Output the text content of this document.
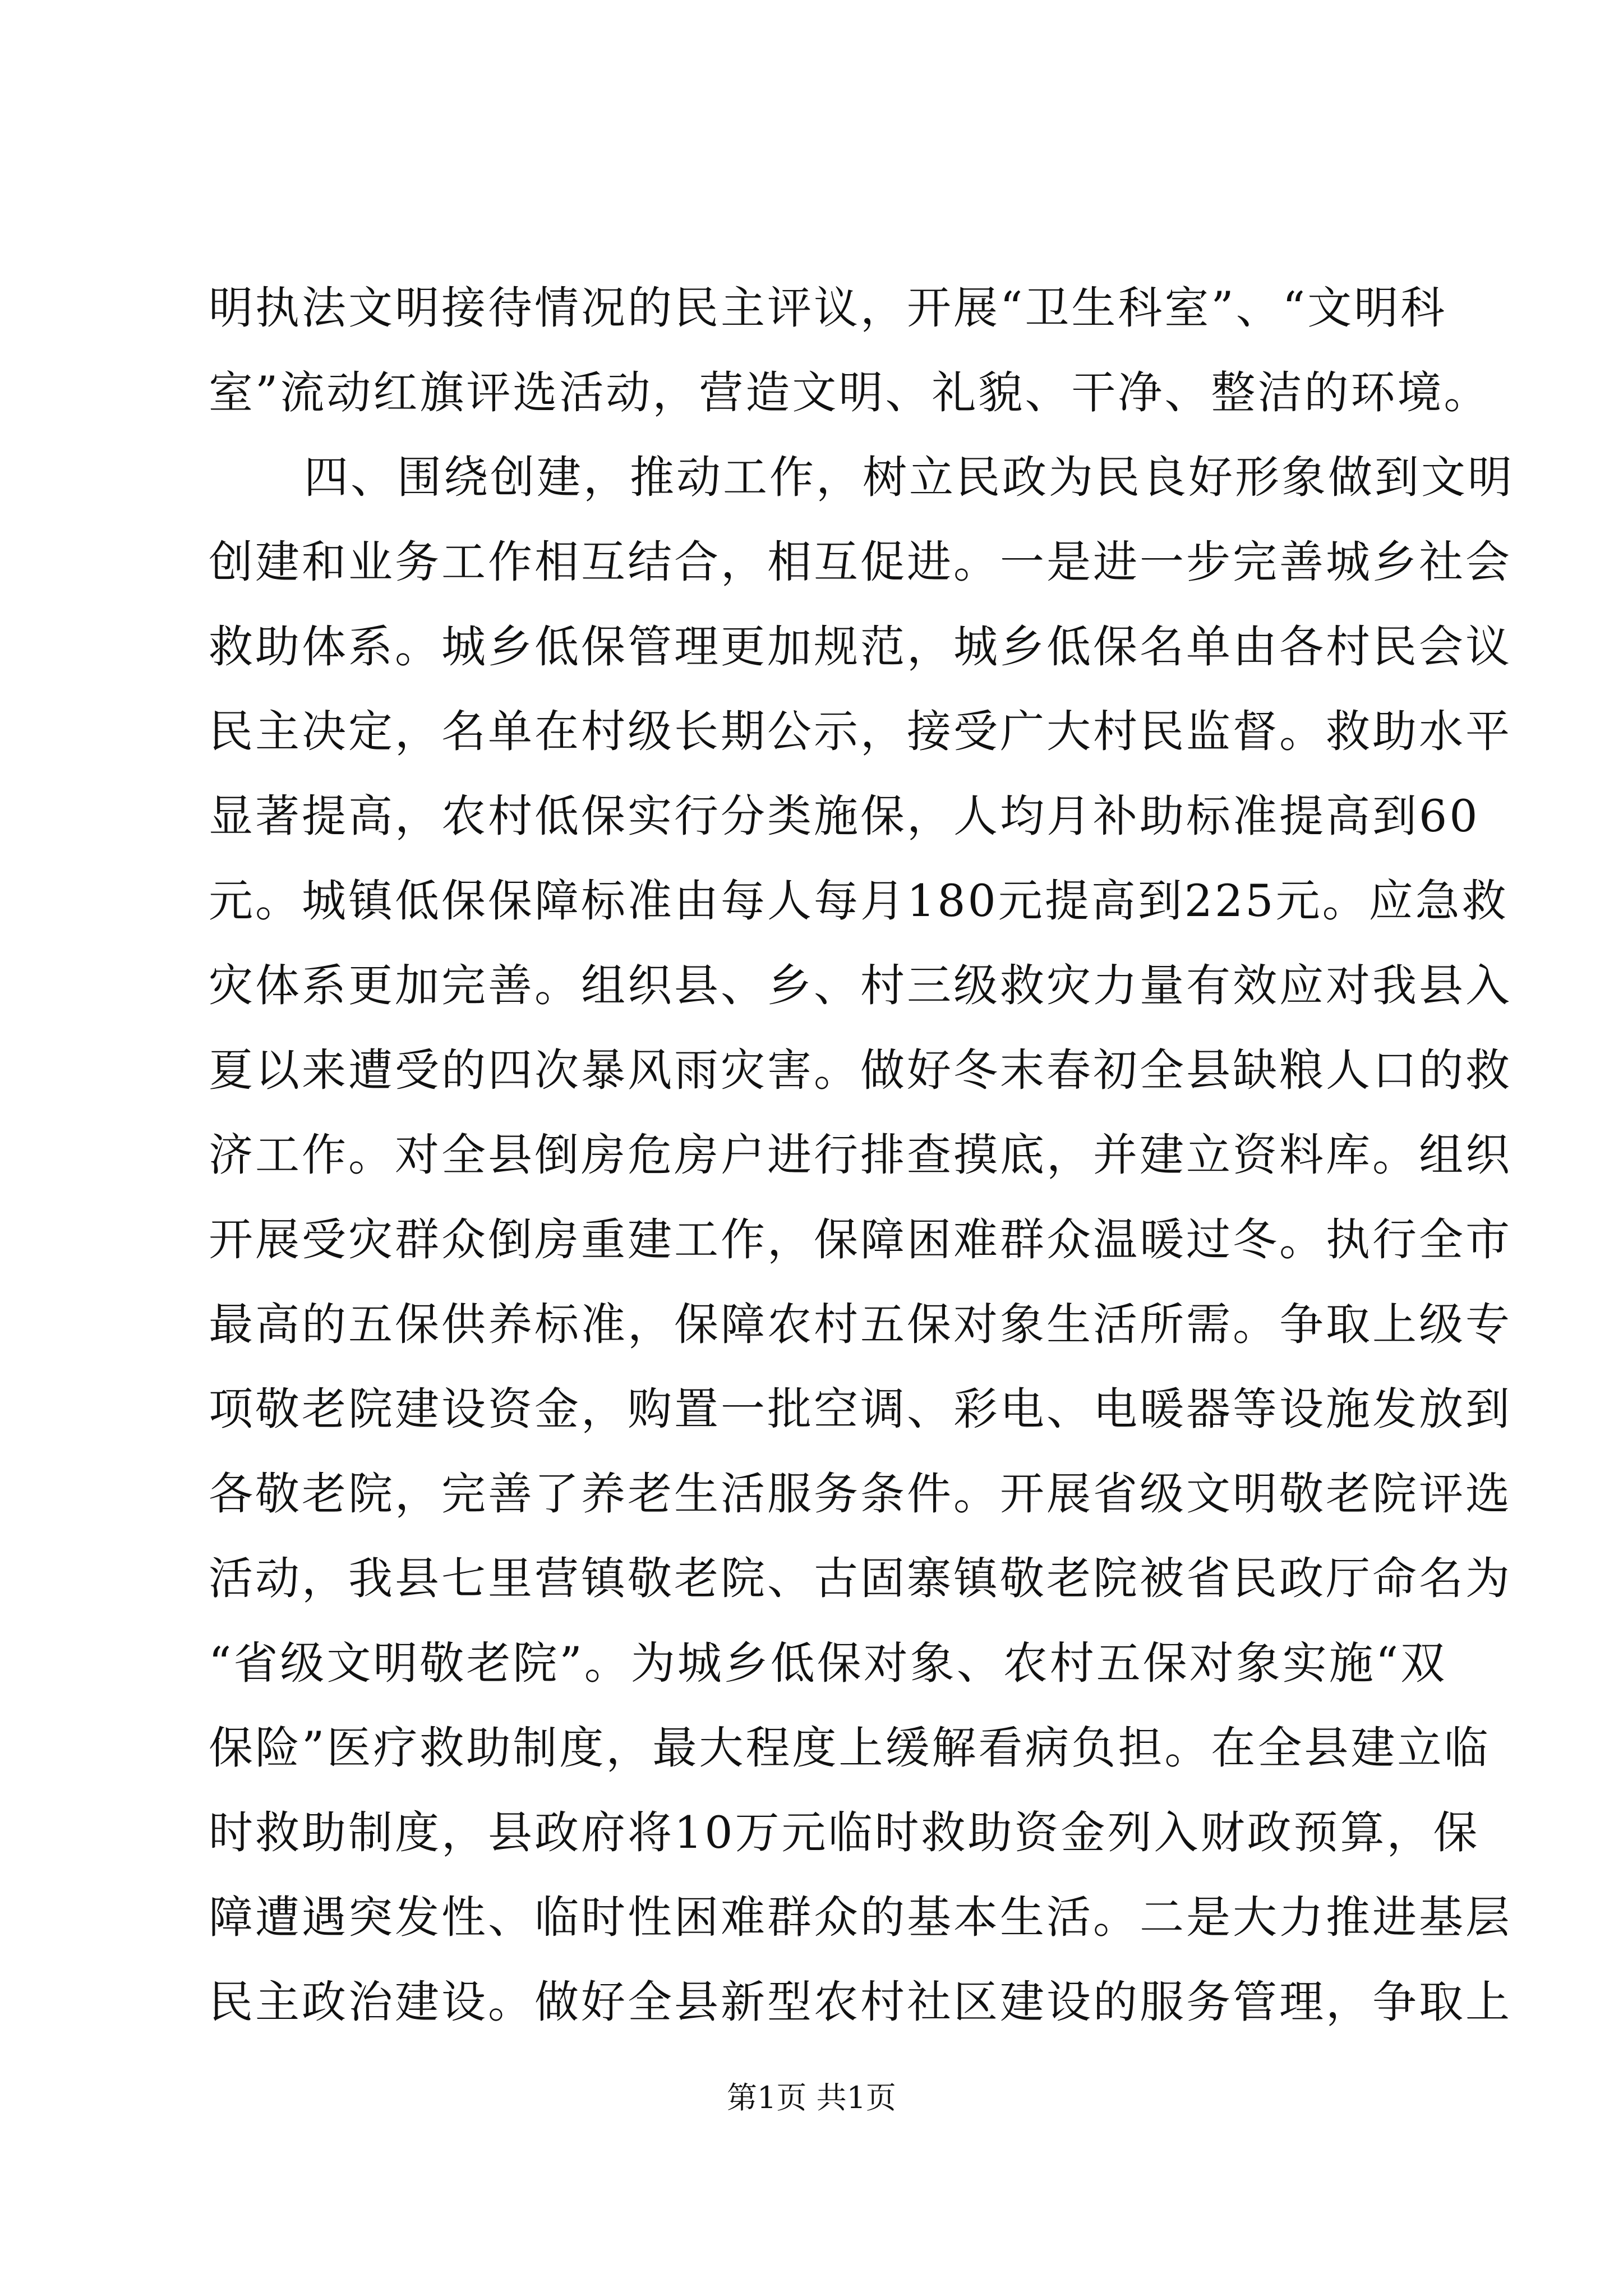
明执法文明接待情况的民主评议，开展“卫生科室”、“文明科
室”流动红旗评选活动，营造文明、礼貌、干净、整洁的环境。
四、围绕创建，推动工作，树立民政为民良好形象做到文明
创建和业务工作相互结合，相互促进。一是进一步完善城乡社会
救助体系。城乡低保管理更加规范，城乡低保名单由各村民会议
民主决定，名单在村级长期公示，接受广大村民监督。救助水平
显著提高，农村低保实行分类施保，人均月补助标准提高到60
元。城镇低保保障标准由每人每月180元提高到225元。应急救
灾体系更加完善。组织县、乡、村三级救灾力量有效应对我县入
夏以来遭受的四次暴风雨灾害。做好冬末春初全县缺粮人口的救
济工作。对全县倒房危房户进行排查摸底，并建立资料库。组织
开展受灾群众倒房重建工作，保障困难群众温暖过冬。执行全市
最高的五保供养标准，保障农村五保对象生活所需。争取上级专
项敬老院建设资金，购置一批空调、彩电、电暖器等设施发放到
各敬老院，完善了养老生活服务条件。开展省级文明敬老院评选
活动，我县七里营镇敬老院、古固寨镇敬老院被省民政厅命名为
“省级文明敬老院”。为城乡低保对象、农村五保对象实施“双
保险”医疗救助制度，最大程度上缓解看病负担。在全县建立临
时救助制度，县政府将10万元临时救助资金列入财政预算，保
障遭遇突发性、临时性困难群众的基本生活。二是大力推进基层
民主政治建设。做好全县新型农村社区建设的服务管理，争取上
第1页 共1页
